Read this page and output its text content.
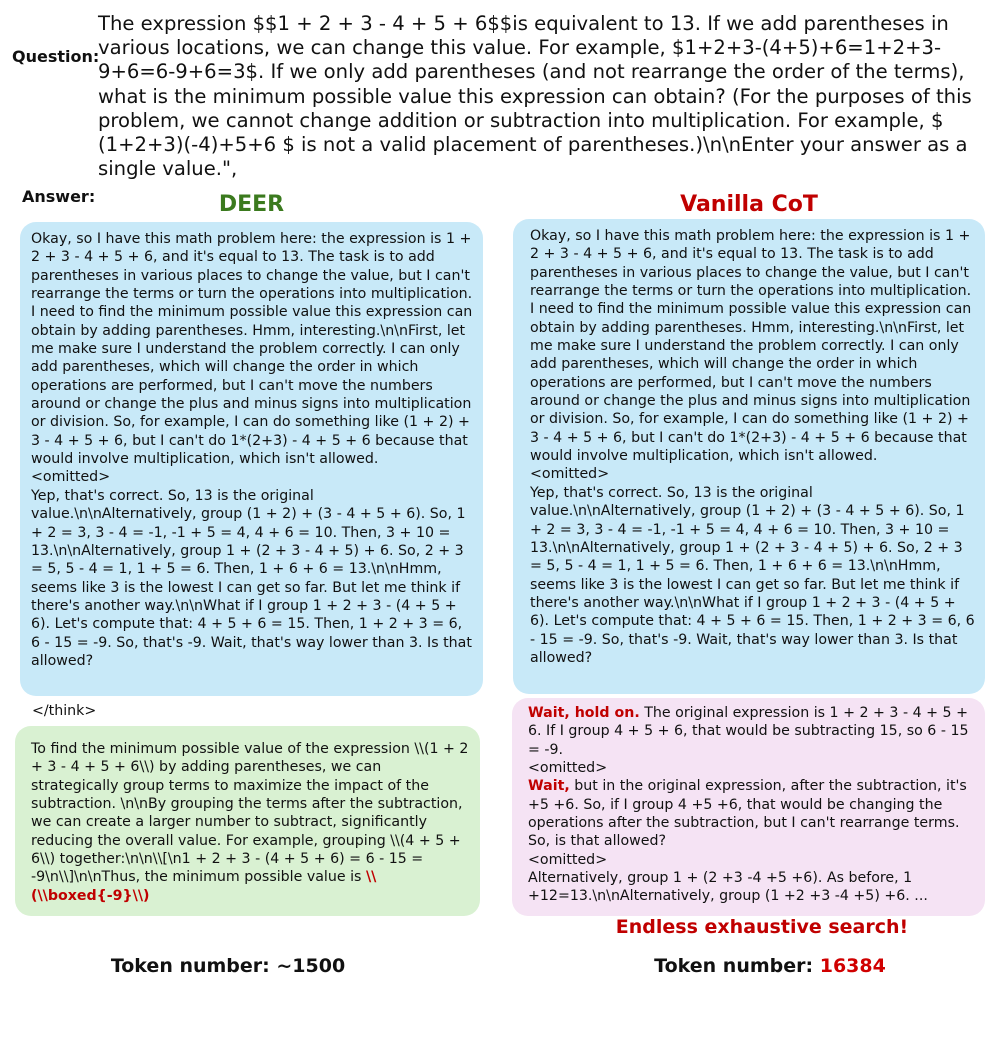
Question:
The expression $$1 + 2 + 3 - 4 + 5 + 6$$is equivalent to 13. If we add parentheses in various locations, we can change this value. For example, $1+2+3-(4+5)+6=1+2+3-9+6=6-9+6=3$. If we only add parentheses (and not rearrange the order of the terms), what is the minimum possible value this expression can obtain? (For the purposes of this problem, we cannot change addition or subtraction into multiplication. For example, $ (1+2+3)(-4)+5+6 $ is not a valid placement of parentheses.)\n\nEnter your answer as a single value.",
Answer:	DEER	Vanilla CoT
Okay, so I have this math problem here: the expression is 1 + 2 + 3 - 4 + 5 + 6, and it's equal to 13. The task is to add parentheses in various places to change the value, but I can't rearrange the terms or turn the operations into multiplication. I need to find the minimum possible value this expression can obtain by adding parentheses. Hmm, interesting.\n\nFirst, let me make sure I understand the problem correctly. I can only add parentheses, which will change the order in which operations are performed, but I can't move the numbers around or change the plus and minus signs into multiplication or division. So, for example, I can do something like (1 + 2) + 3 - 4 + 5 + 6, but I can't do 1*(2+3) - 4 + 5 + 6 because that would involve multiplication, which isn't allowed.
<omitted>
Yep, that's correct. So, 13 is the original value.\n\nAlternatively, group (1 + 2) + (3 - 4 + 5 + 6). So, 1 + 2 = 3, 3 - 4 = -1, -1 + 5 = 4, 4 + 6 = 10. Then, 3 + 10 = 13.\n\nAlternatively, group 1 + (2 + 3 - 4 + 5) + 6. So, 2 + 3 = 5, 5 - 4 = 1, 1 + 5 = 6. Then, 1 + 6 + 6 = 13.\n\nHmm, seems like 3 is the lowest I can get so far. But let me think if there's another way.\n\nWhat if I group 1 + 2 + 3 - (4 + 5 + 6). Let's compute that: 4 + 5 + 6 = 15. Then, 1 + 2 + 3 = 6, 6 - 15 = -9. So, that's -9. Wait, that's way lower than 3. Is that allowed?
Okay, so I have this math problem here: the expression is 1 + 2 + 3 - 4 + 5 + 6, and it's equal to 13. The task is to add parentheses in various places to change the value, but I can't rearrange the terms or turn the operations into multiplication. I need to find the minimum possible value this expression can obtain by adding parentheses. Hmm, interesting.\n\nFirst, let me make sure I understand the problem correctly. I can only add parentheses, which will change the order in which operations are performed, but I can't move the numbers around or change the plus and minus signs into multiplication or division. So, for example, I can do something like (1 + 2) + 3 - 4 + 5 + 6, but I can't do 1*(2+3) - 4 + 5 + 6 because that would involve multiplication, which isn't allowed.
<omitted>
Yep, that's correct. So, 13 is the original value.\n\nAlternatively, group (1 + 2) + (3 - 4 + 5 + 6). So, 1 + 2 = 3, 3 - 4 = -1, -1 + 5 = 4, 4 + 6 = 10. Then, 3 + 10 = 13.\n\nAlternatively, group 1 + (2 + 3 - 4 + 5) + 6. So, 2 + 3 = 5, 5 - 4 = 1, 1 + 5 = 6. Then, 1 + 6 + 6 = 13.\n\nHmm, seems like 3 is the lowest I can get so far. But let me think if there's another way.\n\nWhat if I group 1 + 2 + 3 - (4 + 5 + 6). Let's compute that: 4 + 5 + 6 = 15. Then, 1 + 2 + 3 = 6, 6 - 15 = -9. So, that's -9. Wait, that's way lower than 3. Is that allowed?
</think>
To find the minimum possible value of the expression \\(1 + 2 + 3 - 4 + 5 + 6\\) by adding parentheses, we can strategically group terms to maximize the impact of the subtraction. \n\nBy grouping the terms after the subtraction, we can create a larger number to subtract, significantly reducing the overall value. For example, grouping \\(4 + 5 + 6\\) together:\n\n\\[\n1 + 2 + 3 - (4 + 5 + 6) = 6 - 15 = -9\n\\]\n\nThus, the minimum possible value is \\(\\boxed{-9}\\)
Wait, hold on. The original expression is 1 + 2 + 3 - 4 + 5 + 6. If I group 4 + 5 + 6, that would be subtracting 15, so 6 - 15 = -9.
<omitted>
Wait, but in the original expression, after the subtraction, it's +5 +6. So, if I group 4 +5 +6, that would be changing the operations after the subtraction, but I can't rearrange terms. So, is that allowed?
<omitted>
Alternatively, group 1 + (2 +3 -4 +5 +6). As before, 1 +12=13.\n\nAlternatively, group (1 +2 +3 -4 +5) +6. ...
Endless exhaustive search!
Token number: ~1500	Token number: 16384
